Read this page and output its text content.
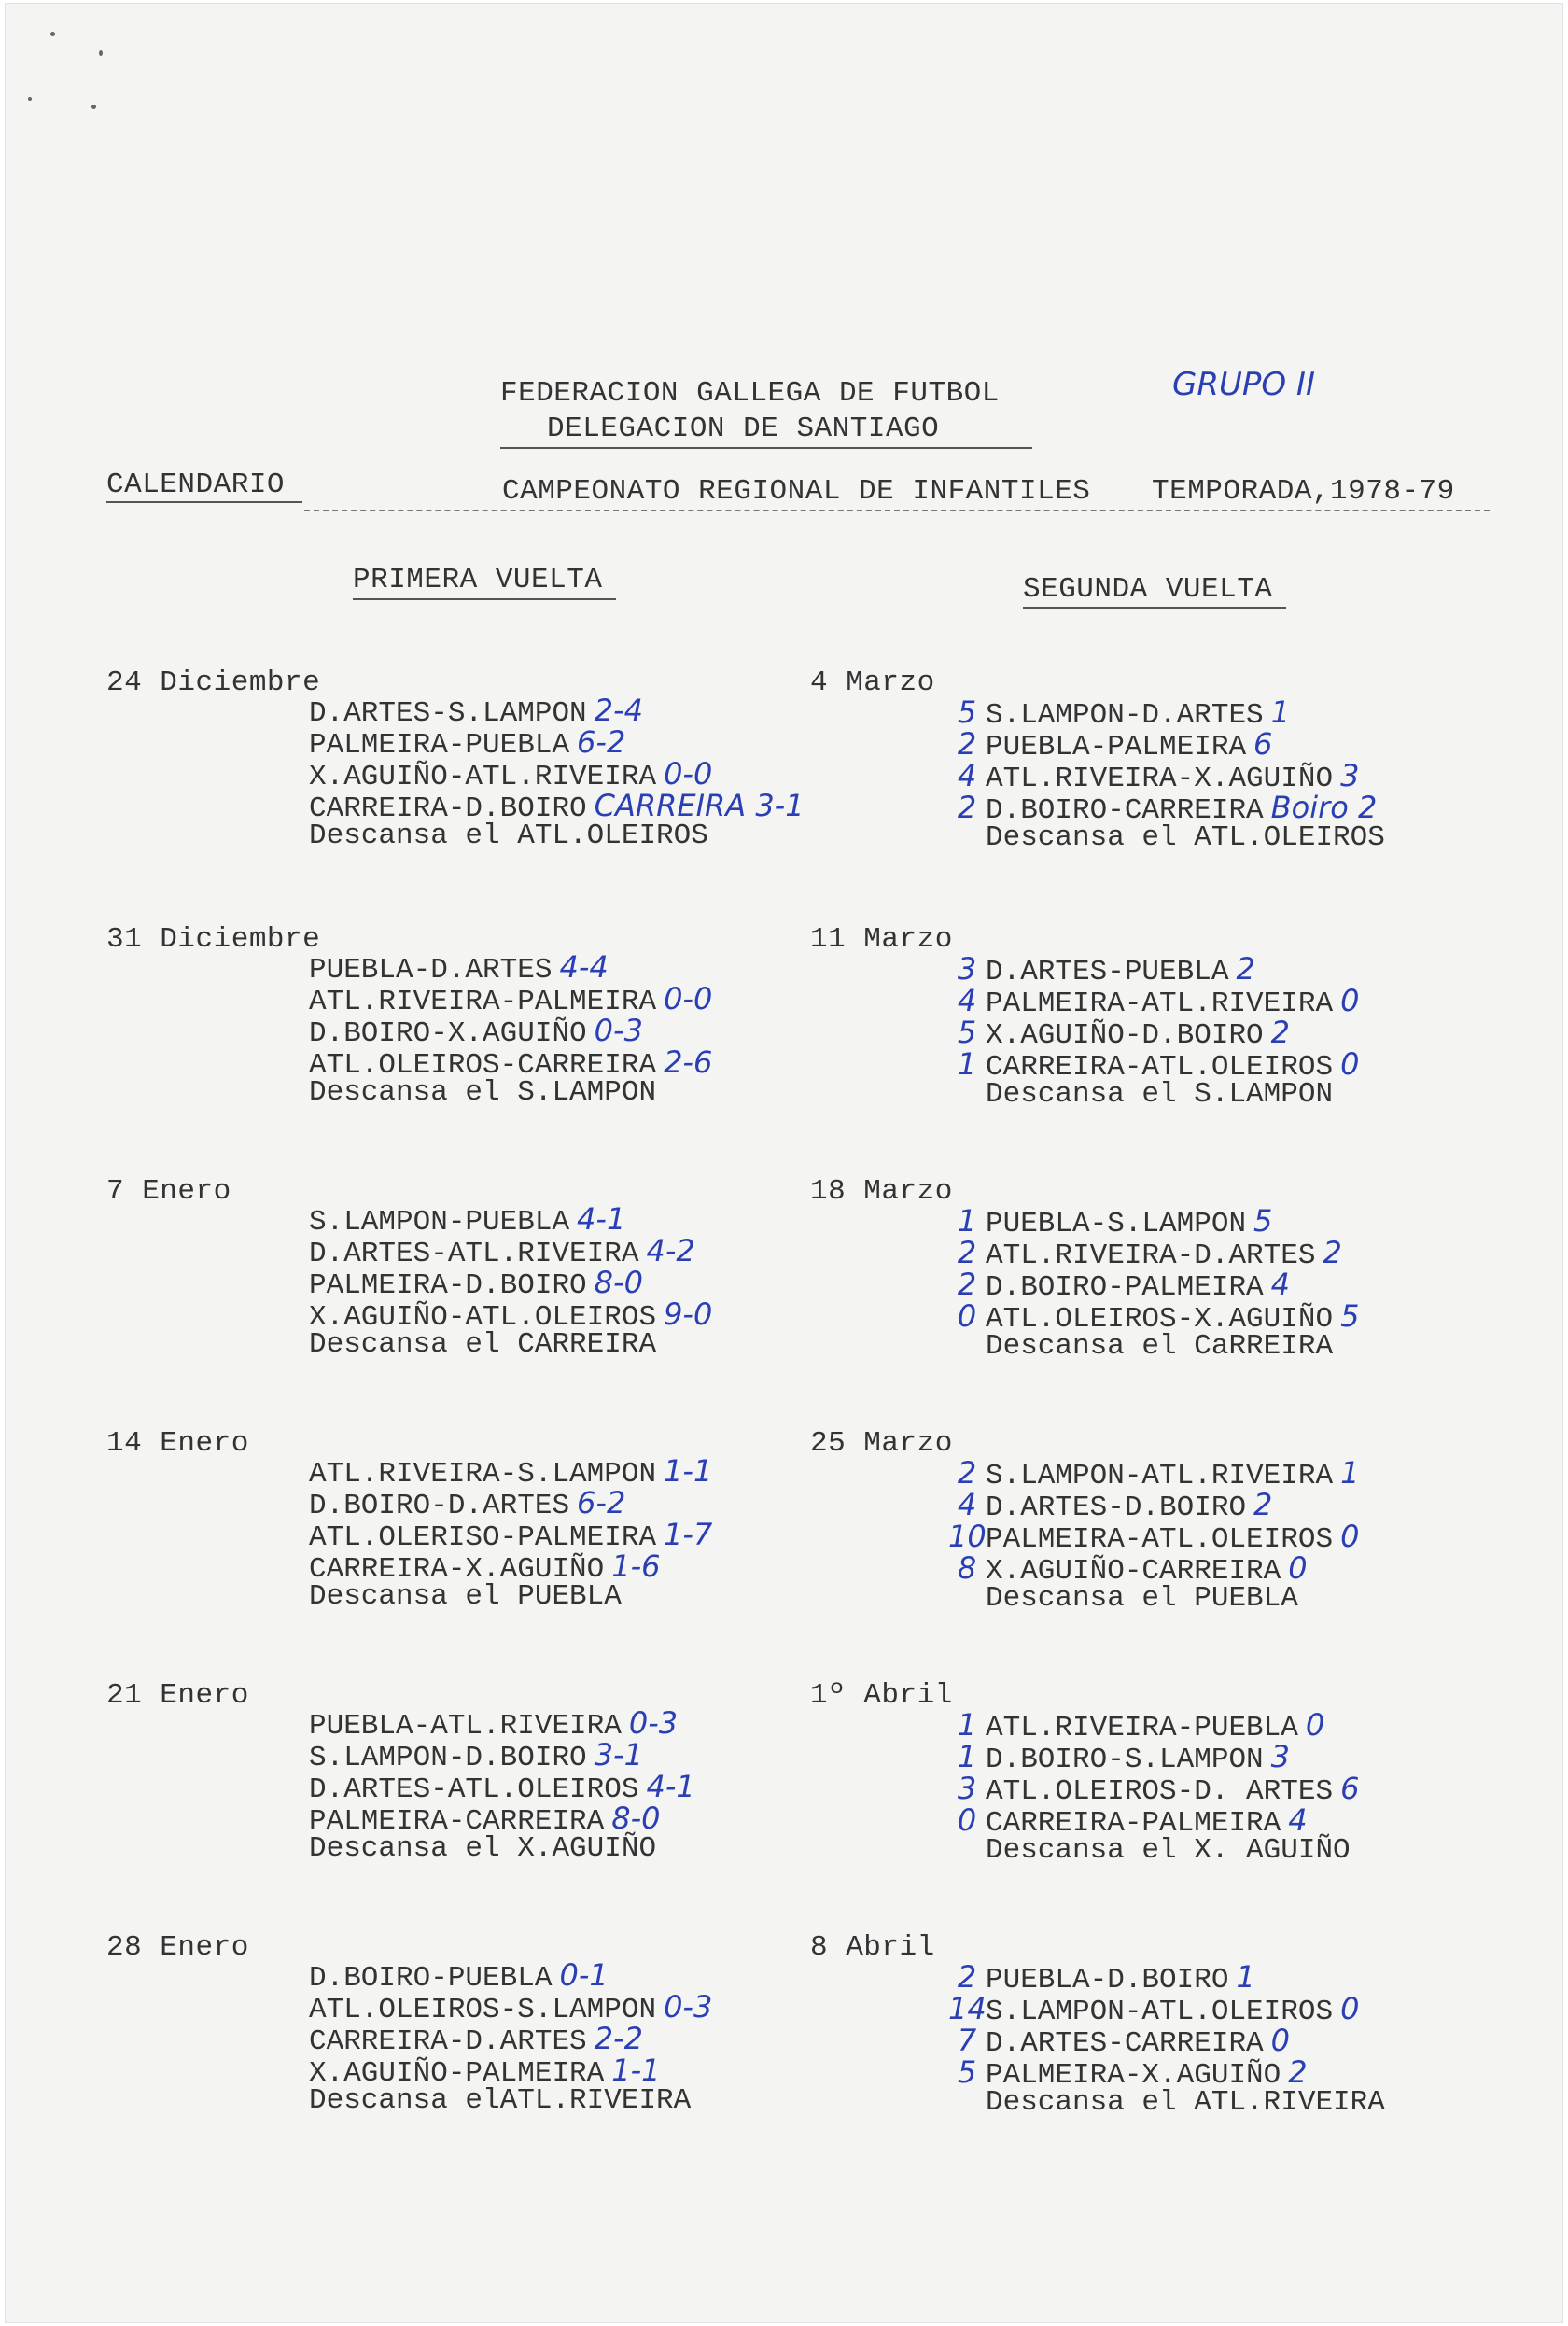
FEDERACION GALLEGA DE FUTBOL	GRUPO II
DELEGACION DE SANTIAGO
CALENDARIO	CAMPEONATO REGIONAL DE INFANTILES TEMPORADA,1978-79
PRIMERA VUELTA	SEGUNDA VUELTA
24 Diciembre
D.ARTES-S.LAMPON 2-4
PALMEIRA-PUEBLA 6-2
X.AGUIÑO-ATL.RIVEIRA 0-0
CARREIRA-D.BOIRO CARREIRA 3-1
Descansa el ATL.OLEIROS
31 Diciembre
PUEBLA-D.ARTES 4-4
ATL.RIVEIRA-PALMEIRA 0-0
D.BOIRO-X.AGUIÑO 0-3
ATL.OLEIROS-CARREIRA 2-6
Descansa el S.LAMPON
7 Enero
S.LAMPON-PUEBLA 4-1
D.ARTES-ATL.RIVEIRA 4-2
PALMEIRA-D.BOIRO 8-0
X.AGUIÑO-ATL.OLEIROS 9-0
Descansa el CARREIRA
14 Enero
ATL.RIVEIRA-S.LAMPON 1-1
D.BOIRO-D.ARTES 6-2
ATL.OLERISO-PALMEIRA 1-7
CARREIRA-X.AGUIÑO 1-6
Descansa el PUEBLA
21 Enero
PUEBLA-ATL.RIVEIRA 0-3
S.LAMPON-D.BOIRO 3-1
D.ARTES-ATL.OLEIROS 4-1
PALMEIRA-CARREIRA 8-0
Descansa el X.AGUIÑO
28 Enero
D.BOIRO-PUEBLA 0-1
ATL.OLEIROS-S.LAMPON 0-3
CARREIRA-D.ARTES 2-2
X.AGUIÑO-PALMEIRA 1-1
Descansa elATL.RIVEIRA
4 Marzo
5 S.LAMPON-D.ARTES 1
2 PUEBLA-PALMEIRA 6
4 ATL.RIVEIRA-X.AGUIÑO 3
2 D.BOIRO-CARREIRA Boiro 2
Descansa el ATL.OLEIROS
11 Marzo
3 D.ARTES-PUEBLA 2
4 PALMEIRA-ATL.RIVEIRA 0
5 X.AGUIÑO-D.BOIRO 2
1 CARREIRA-ATL.OLEIROS 0
Descansa el S.LAMPON
18 Marzo
1 PUEBLA-S.LAMPON 5
2 ATL.RIVEIRA-D.ARTES 2
2 D.BOIRO-PALMEIRA 4
0 ATL.OLEIROS-X.AGUIÑO 5
Descansa el CaRREIRA
25 Marzo
2 S.LAMPON-ATL.RIVEIRA 1
4 D.ARTES-D.BOIRO 2
10PALMEIRA-ATL.OLEIROS 0
8 X.AGUIÑO-CARREIRA 0
Descansa el PUEBLA
1º Abril
1 ATL.RIVEIRA-PUEBLA 0
1 D.BOIRO-S.LAMPON 3
3 ATL.OLEIROS-D. ARTES 6
0 CARREIRA-PALMEIRA 4
Descansa el X. AGUIÑO
8 Abril
2 PUEBLA-D.BOIRO 1
14S.LAMPON-ATL.OLEIROS 0
7 D.ARTES-CARREIRA 0
5 PALMEIRA-X.AGUIÑO 2
Descansa el ATL.RIVEIRA
